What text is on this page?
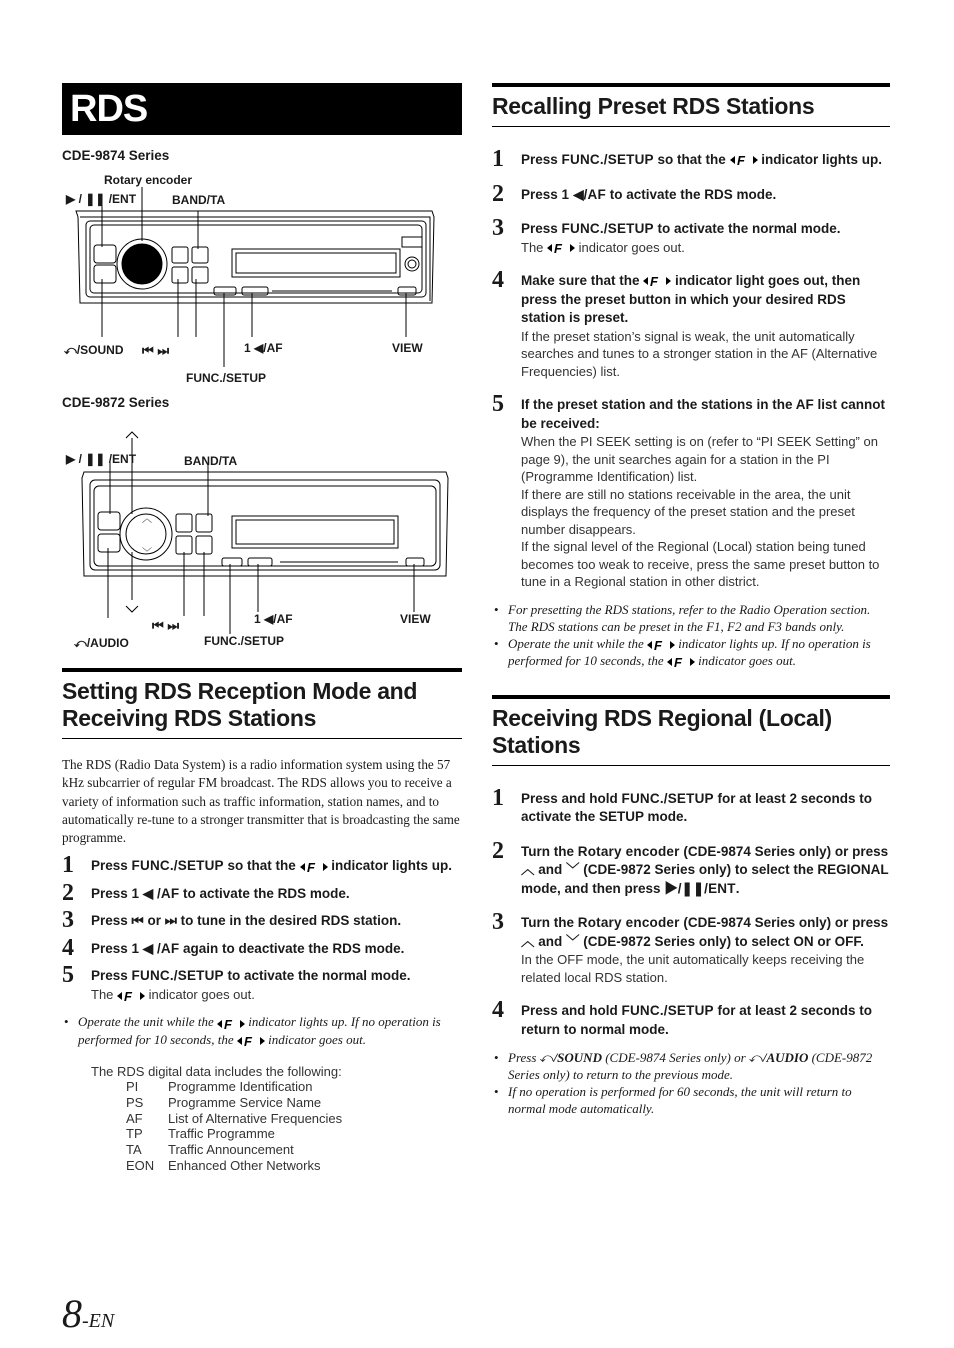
RDS
CDE-9874 Series
Rotary encoder
▶ / ❚❚ /ENT	BAND/TA
⤺/SOUND ⏮ ⏭	1 ◀/AF	VIEW
FUNC./SETUP
CDE-9872 Series
︿
﹀
▶ / ❚❚ /ENT	BAND/TA
⏮ ⏭	1 ◀/AF	VIEW
⤺/AUDIO	FUNC./SETUP
Setting RDS Reception Mode and Receiving RDS Stations
The RDS (Radio Data System) is a radio information system using the 57 kHz subcarrier of regular FM broadcast. The RDS allows you to receive a variety of information such as traffic information, station names, and to automatically re-tune to a stronger transmitter that is broadcasting the same programme.
1 Press FUNC./SETUP so that the F indicator lights up.
2 Press 1 ◀ /AF to activate the RDS mode.
3 Press ⏮ or ⏭ to tune in the desired RDS station.
4 Press 1 ◀ /AF again to deactivate the RDS mode.
5 Press FUNC./SETUP to activate the normal mode.
The F indicator goes out.
• Operate the unit while the F indicator lights up. If no operation is performed for 10 seconds, the F indicator goes out.
The RDS digital data includes the following:
PI	Programme Identification
PS	Programme Service Name
AF	List of Alternative Frequencies
TP	Traffic Programme
TA	Traffic Announcement
EON	Enhanced Other Networks
Recalling Preset RDS Stations
1 Press FUNC./SETUP so that the F indicator lights up.
2 Press 1 ◀/AF to activate the RDS mode.
3 Press FUNC./SETUP to activate the normal mode.
The F indicator goes out.
4 Make sure that the F indicator light goes out, then press the preset button in which your desired RDS station is preset.
If the preset station’s signal is weak, the unit automatically searches and tunes to a stronger station in the AF (Alternative Frequencies) list.
5 If the preset station and the stations in the AF list cannot be received:
When the PI SEEK setting is on (refer to “PI SEEK Setting” on page 9), the unit searches again for a station in the PI (Programme Identification) list.
If there are still no stations receivable in the area, the unit displays the frequency of the preset station and the preset number disappears.
If the signal level of the Regional (Local) station being tuned becomes too weak to receive, press the same preset button to tune in a Regional station in other district.
• For presetting the RDS stations, refer to the Radio Operation section. The RDS stations can be preset in the F1, F2 and F3 bands only.
• Operate the unit while the F indicator lights up. If no operation is performed for 10 seconds, the F indicator goes out.
Receiving RDS Regional (Local) Stations
1 Press and hold FUNC./SETUP for at least 2 seconds to activate the SETUP mode.
2 Turn the Rotary encoder (CDE-9874 Series only) or press ︿ and ﹀ (CDE-9872 Series only) to select the REGIONAL mode, and then press ▶/❚❚/ENT.
3 Turn the Rotary encoder (CDE-9874 Series only) or press ︿ and ﹀ (CDE-9872 Series only) to select ON or OFF.
In the OFF mode, the unit automatically keeps receiving the related local RDS station.
4 Press and hold FUNC./SETUP for at least 2 seconds to return to normal mode.
• Press ⤺/SOUND (CDE-9874 Series only) or ⤺/AUDIO (CDE-9872 Series only) to return to the previous mode.
• If no operation is performed for 60 seconds, the unit will return to normal mode automatically.
8-EN
